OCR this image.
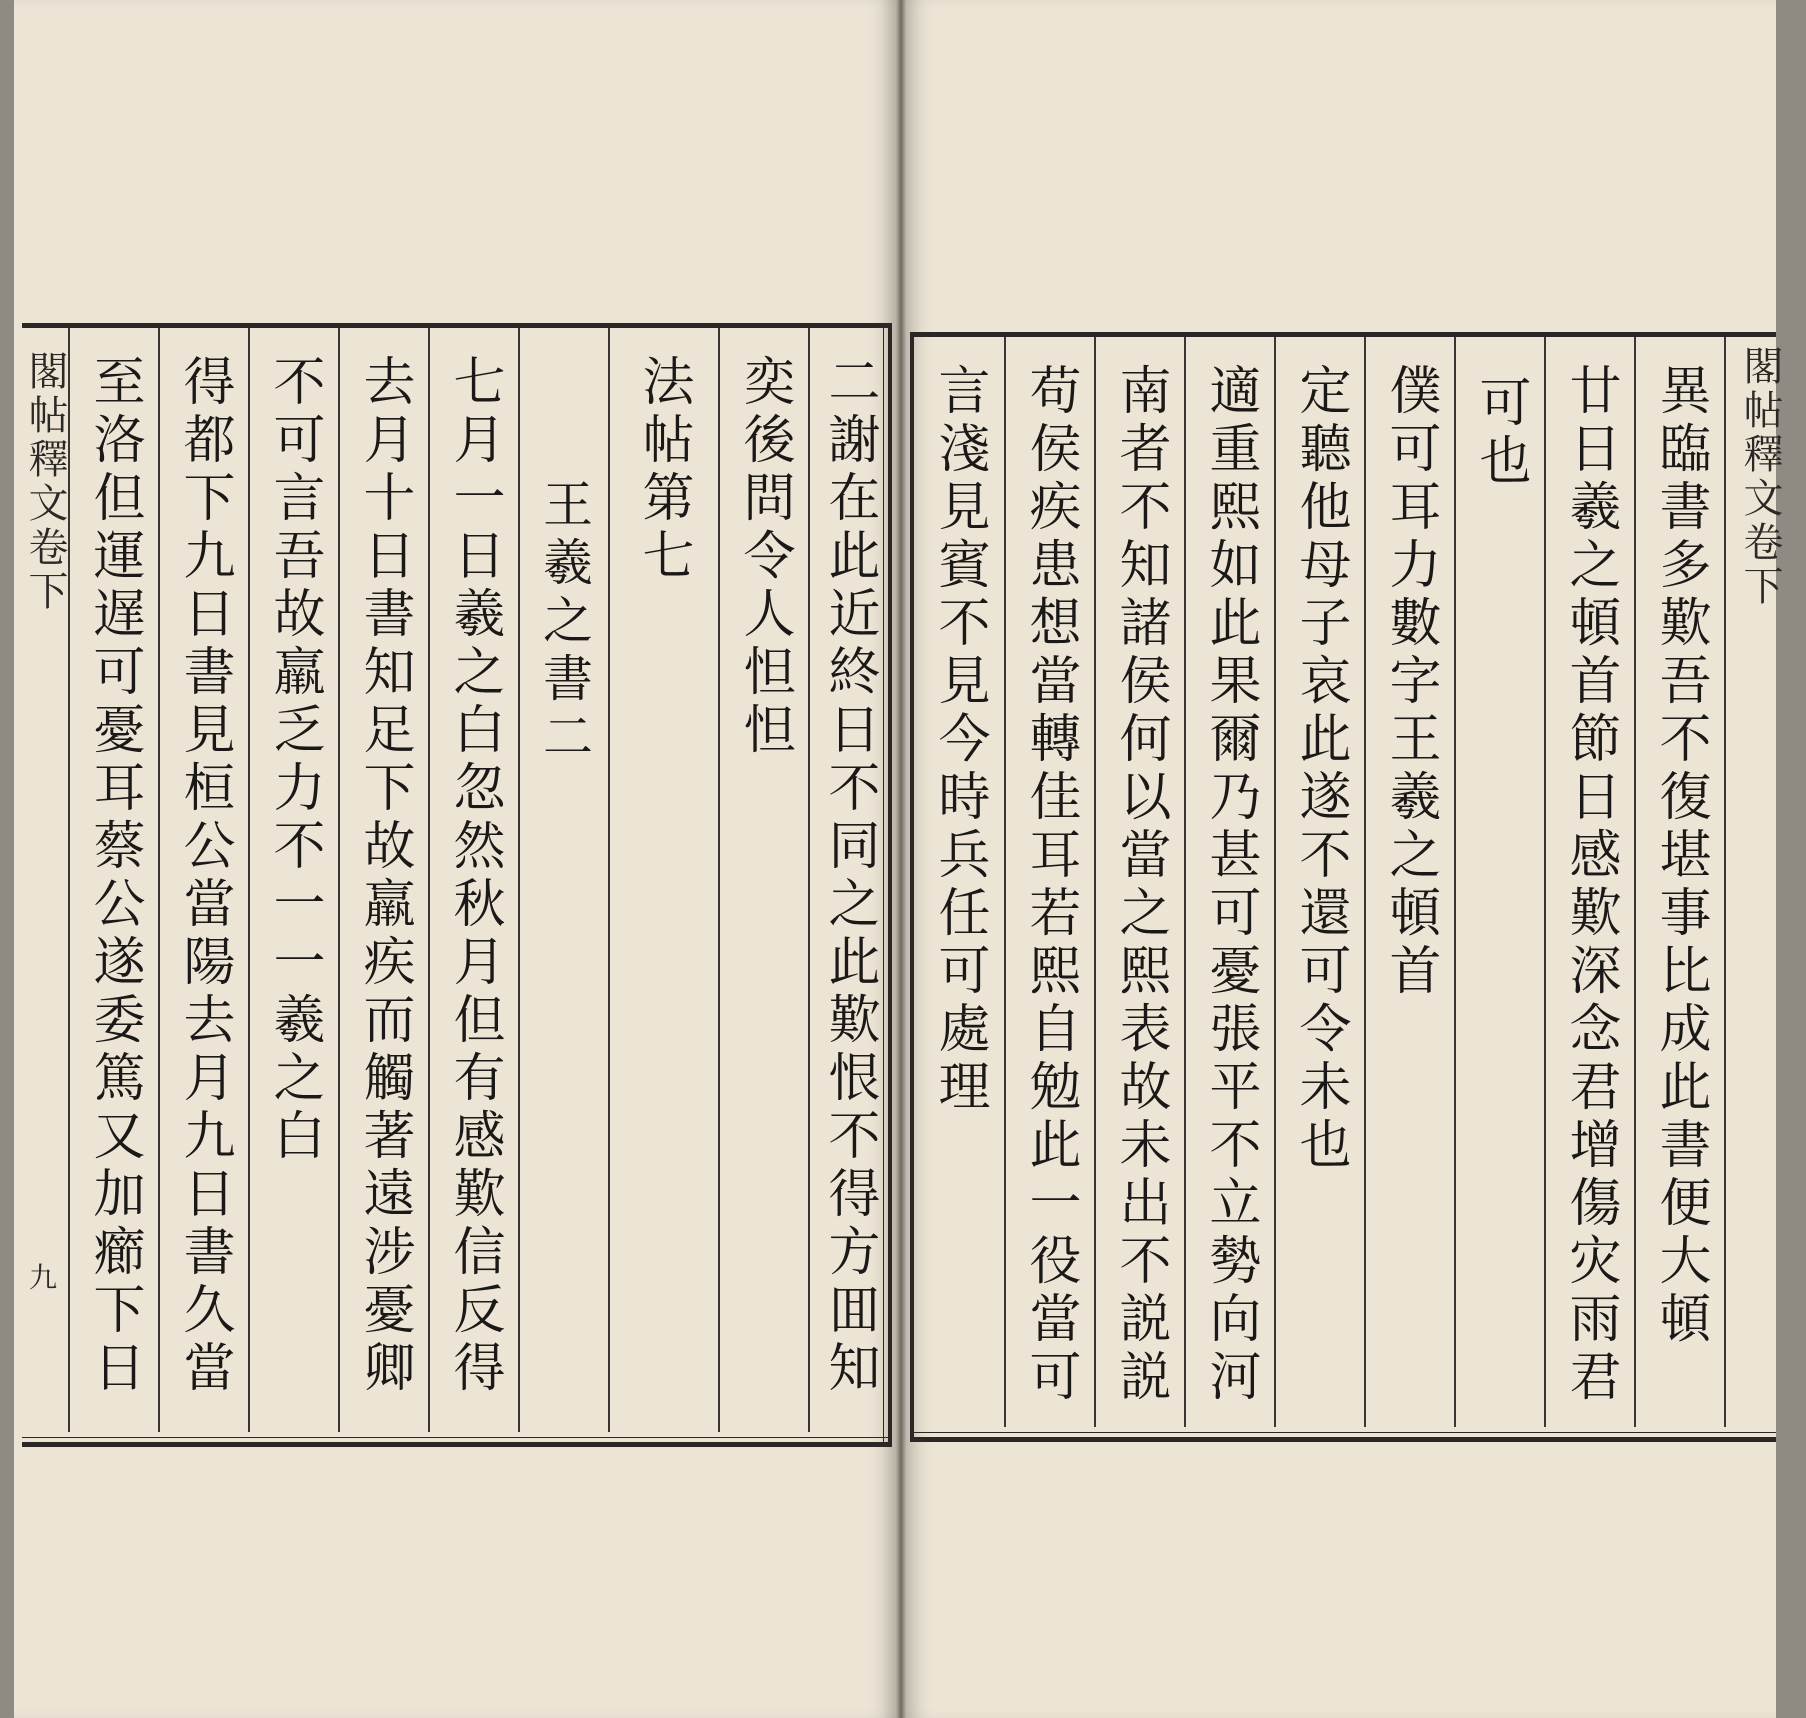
閣帖釋文卷下 至洛但運遅可憂耳蔡公遂委篤又加癤下日 得都下九日書見桓公當陽去月九日書久當 不可言吾故羸乏力不一一羲之白 去月十日書知足下故羸疾而觸著遠涉憂卿 七月一日羲之白忽然秋月但有感歎信反得 王羲之書二
法帖第七 奕後問令人怛怛 二謝在此近終日不同之此歎恨不得方囬知
九
言淺見賓不見今時兵任可處理 苟侯疾患想當轉佳耳若熙自勉此一役當可 南者不知諸侯何以當之熙表故未出不説説 適重熙如此果爾乃甚可憂張平不立勢向河 定聽他母子哀此遂不還可令未也 僕可耳力數字王羲之頓首 可也 廿日羲之頓首節日感歎深念君增傷灾雨君 異臨書多歎吾不復堪事比成此書便大頓 閣帖釋文卷下
